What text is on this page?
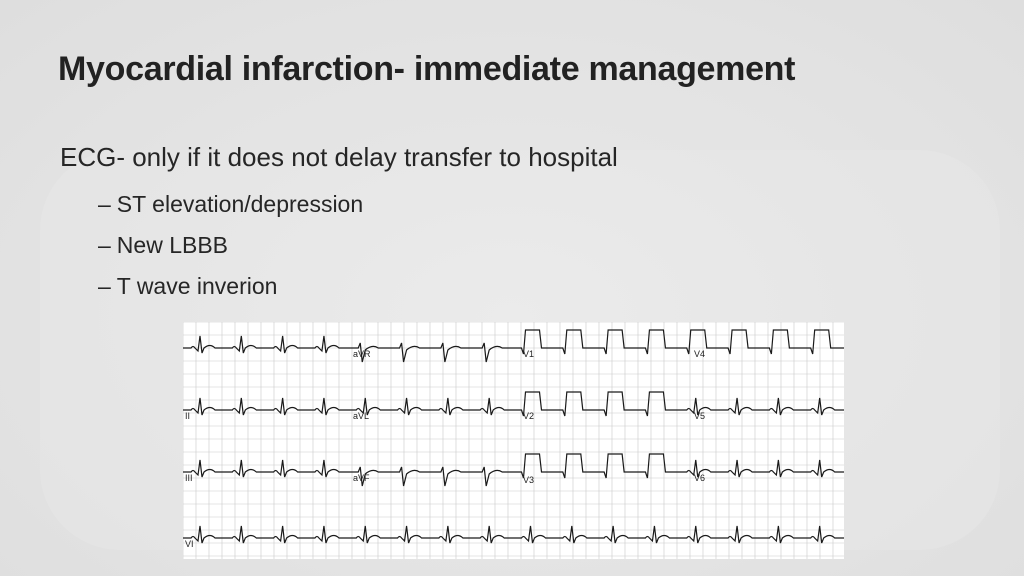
Myocardial infarction- immediate management
ECG- only if it does not delay transfer to hospital
– ST elevation/depression
– New LBBB
– T wave inverion
aVR	V1	V4
II	aVL	V2	V5
III	aVF	V3	V6
VI
